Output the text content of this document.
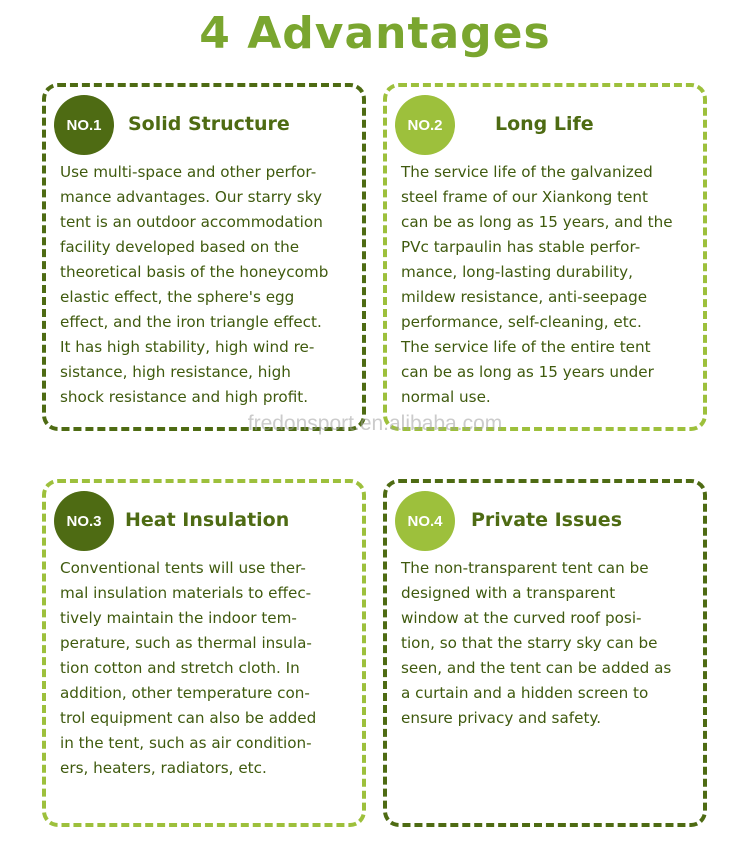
4 Advantages
NO.1	Solid Structure
Use multi-space and other perfor-
mance advantages. Our starry sky
tent is an outdoor accommodation
facility developed based on the
theoretical basis of the honeycomb
elastic effect, the sphere's egg
effect, and the iron triangle effect.
It has high stability, high wind re-
sistance, high resistance, high
shock resistance and high profit.
NO.2	Long Life
The service life of the galvanized
steel frame of our Xiankong tent
can be as long as 15 years, and the
PVc tarpaulin has stable perfor-
mance, long-lasting durability,
mildew resistance, anti-seepage
performance, self-cleaning, etc.
The service life of the entire tent
can be as long as 15 years under
normal use.
NO.3	Heat Insulation
Conventional tents will use ther-
mal insulation materials to effec-
tively maintain the indoor tem-
perature, such as thermal insula-
tion cotton and stretch cloth. In
addition, other temperature con-
trol equipment can also be added
in the tent, such as air condition-
ers, heaters, radiators, etc.
NO.4	Private Issues
The non-transparent tent can be
designed with a transparent
window at the curved roof posi-
tion, so that the starry sky can be
seen, and the tent can be added as
a curtain and a hidden screen to
ensure privacy and safety.
fredonsport.en.alibaba.com
